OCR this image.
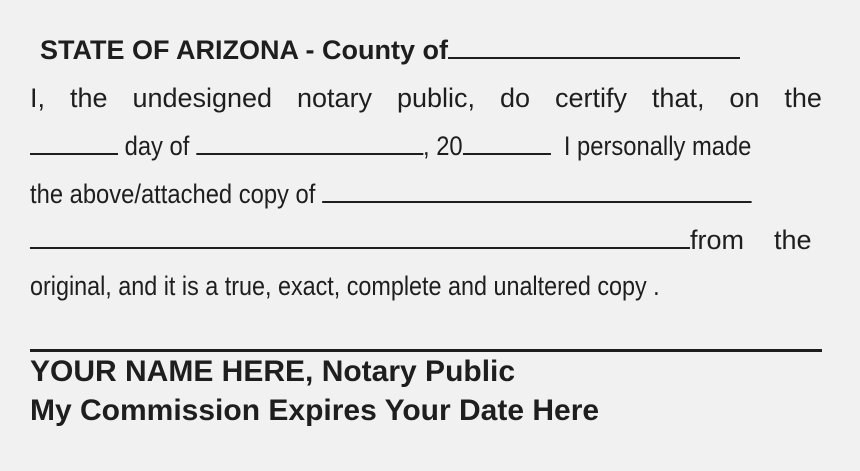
STATE OF ARIZONA - County of
I, the undesigned notary public, do certify that, on the
day of	, 20	I personally made
the above/attached copy of
from the
original, and it is a true, exact, complete and unaltered copy .
YOUR NAME HERE, Notary Public
My Commission Expires Your Date Here
